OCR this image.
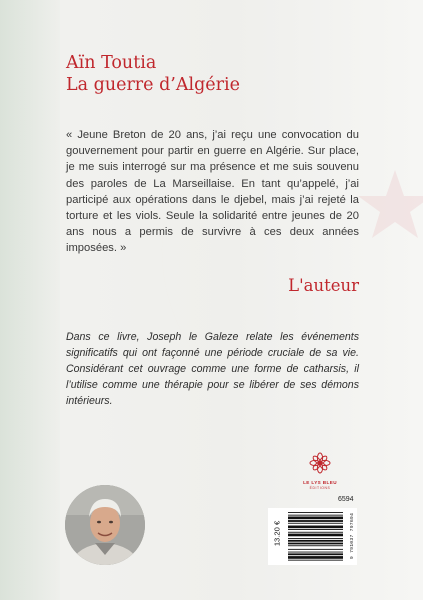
Aïn Toutia
La guerre d’Algérie

« Jeune Breton de 20 ans, j’ai reçu une convocation du gouvernement pour partir en guerre en Algérie. Sur place, je me suis interrogé sur ma présence et me suis souvenu des paroles de La Marseillaise. En tant qu’appelé, j’ai participé aux opérations dans le djebel, mais j’ai rejeté la torture et les viols. Seule la solidarité entre jeunes de 20 ans nous a permis de survivre à ces deux années imposées. »

L'auteur

Dans ce livre, Joseph le Galeze relate les événements significatifs qui ont façonné une période cruciale de sa vie. Considérant cet ouvrage comme une forme de catharsis, il l’utilise comme une thérapie pour se libérer de ses démons intérieurs.

LE LYS BLEU
ÉDITIONS
6594
13.20 €	9 791037 797694
